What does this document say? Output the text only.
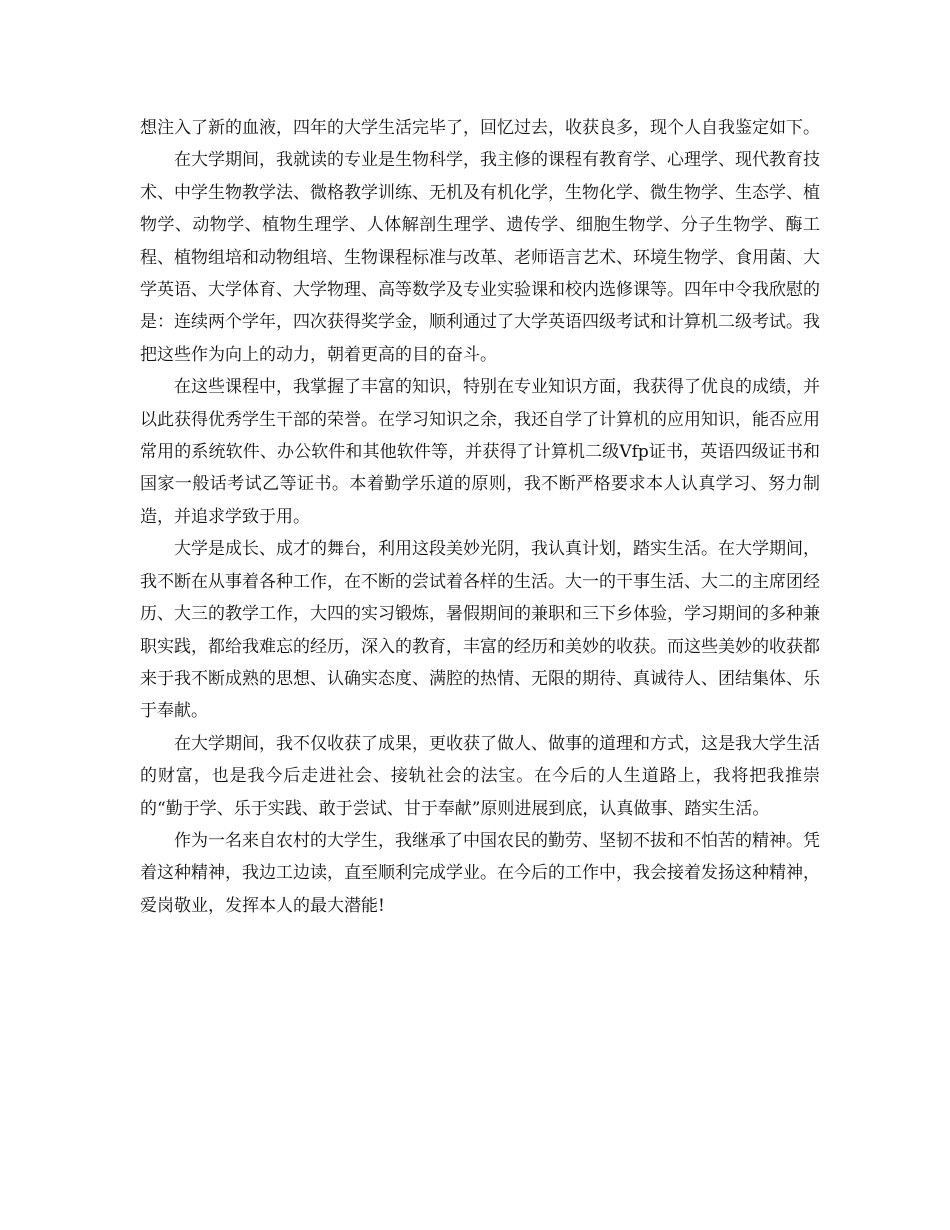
想注入了新的血液，四年的大学生活完毕了，回忆过去，收获良多，现个人自我鉴定如下。

在大学期间，我就读的专业是生物科学，我主修的课程有教育学、心理学、现代教育技术、中学生物教学法、微格教学训练、无机及有机化学，生物化学、微生物学、生态学、植物学、动物学、植物生理学、人体解剖生理学、遗传学、细胞生物学、分子生物学、酶工程、植物组培和动物组培、生物课程标准与改革、老师语言艺术、环境生物学、食用菌、大学英语、大学体育、大学物理、高等数学及专业实验课和校内选修课等。四年中令我欣慰的是：连续两个学年，四次获得奖学金，顺利通过了大学英语四级考试和计算机二级考试。我把这些作为向上的动力，朝着更高的目的奋斗。

在这些课程中，我掌握了丰富的知识，特别在专业知识方面，我获得了优良的成绩，并以此获得优秀学生干部的荣誉。在学习知识之余，我还自学了计算机的应用知识，能否应用常用的系统软件、办公软件和其他软件等，并获得了计算机二级Vfp证书，英语四级证书和国家一般话考试乙等证书。本着勤学乐道的原则，我不断严格要求本人认真学习、努力制造，并追求学致于用。

大学是成长、成才的舞台，利用这段美妙光阴，我认真计划，踏实生活。在大学期间，我不断在从事着各种工作，在不断的尝试着各样的生活。大一的干事生活、大二的主席团经历、大三的教学工作，大四的实习锻炼，暑假期间的兼职和三下乡体验，学习期间的多种兼职实践，都给我难忘的经历，深入的教育，丰富的经历和美妙的收获。而这些美妙的收获都来于我不断成熟的思想、认确实态度、满腔的热情、无限的期待、真诚待人、团结集体、乐于奉献。

在大学期间，我不仅收获了成果，更收获了做人、做事的道理和方式，这是我大学生活的财富，也是我今后走进社会、接轨社会的法宝。在今后的人生道路上，我将把我推崇的“勤于学、乐于实践、敢于尝试、甘于奉献”原则进展到底，认真做事、踏实生活。

作为一名来自农村的大学生，我继承了中国农民的勤劳、坚韧不拔和不怕苦的精神。凭着这种精神，我边工边读，直至顺利完成学业。在今后的工作中，我会接着发扬这种精神，爱岗敬业，发挥本人的最大潜能!
